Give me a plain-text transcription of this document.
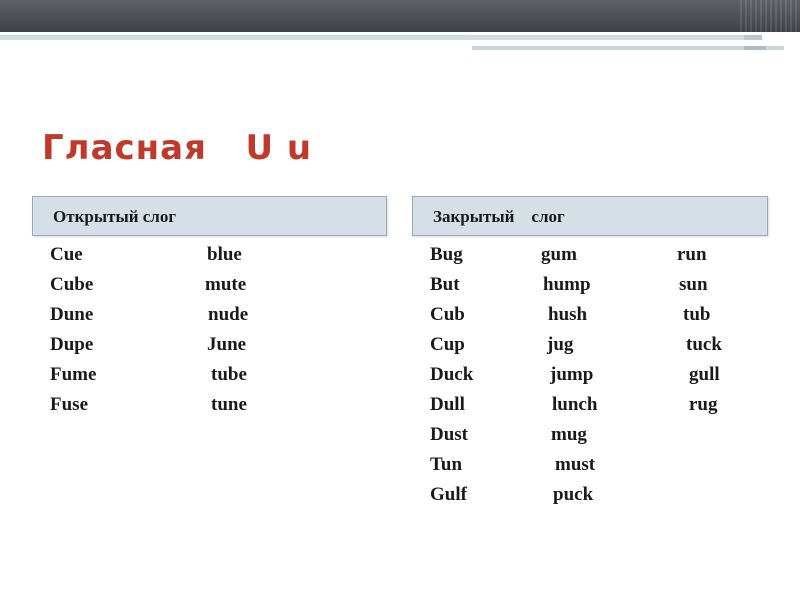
Гласная   U u
Открытый слог	Закрытый    слог
Cue
Cube
Dune
Dupe
Fume
Fuse
blue
mute
nude
June
tube
tune
Bug
But
Cub
Cup
Duck
Dull
Dust
Tun
Gulf
gum
hump
hush
jug
jump
lunch
mug
must
puck
run
sun
tub
tuck
gull
rug
